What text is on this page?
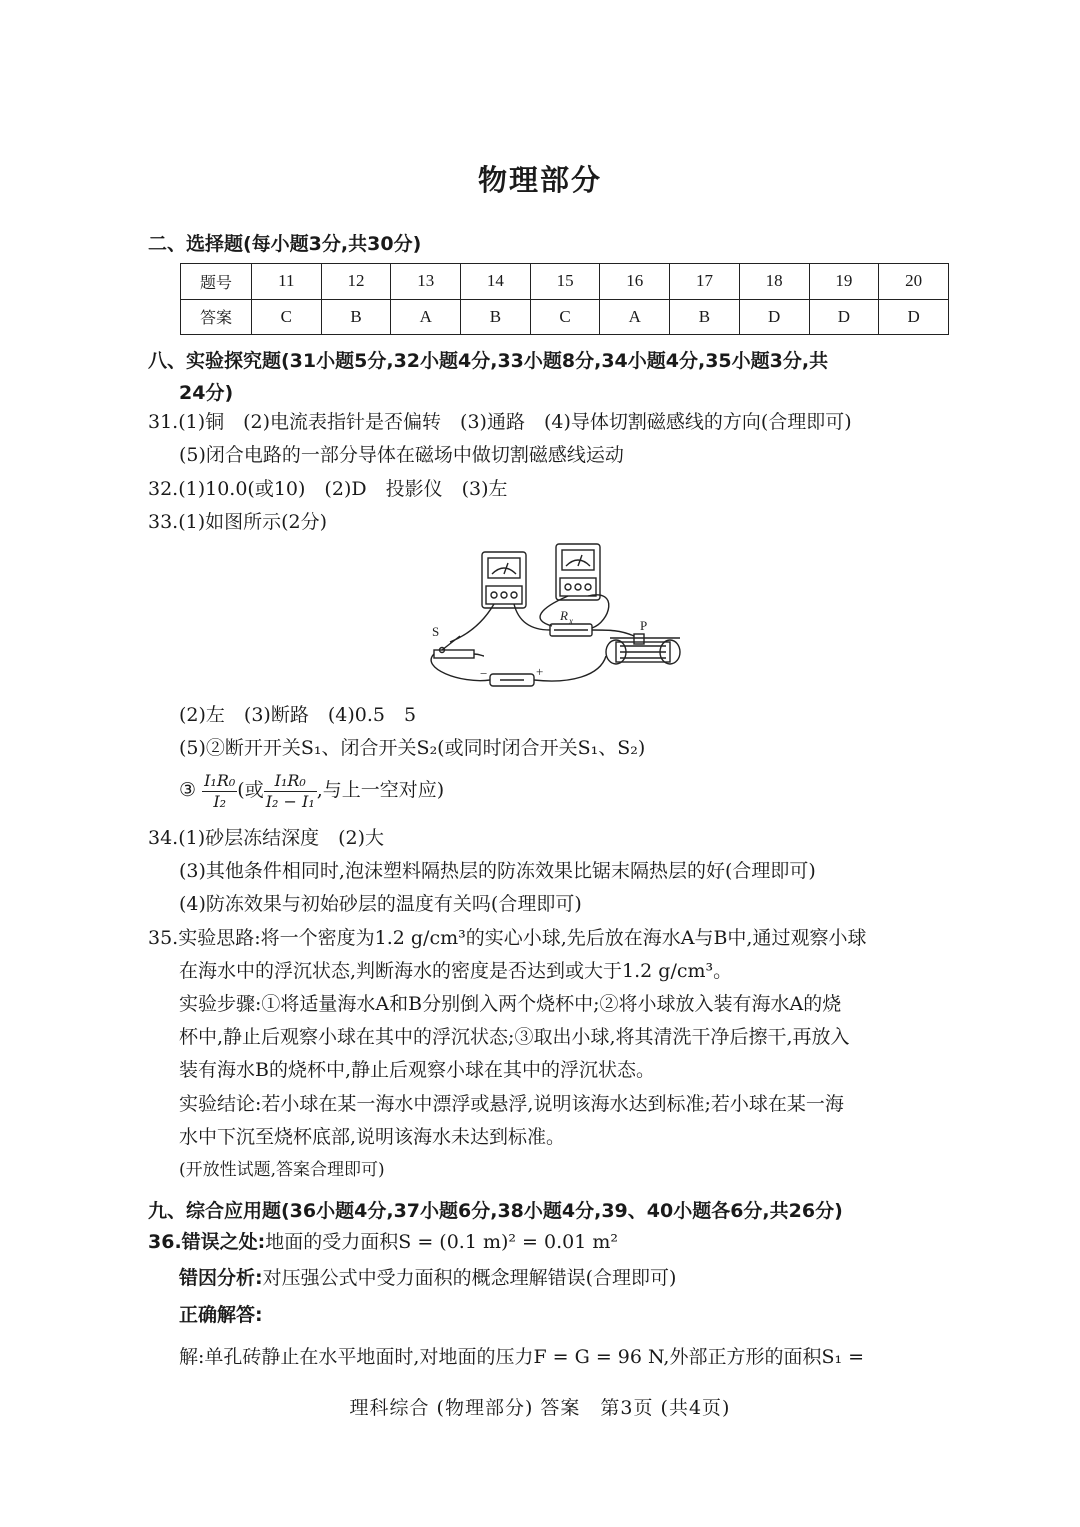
物理部分
二、选择题(每小题3分,共30分)
题号	11	12	13	14	15	16	17	18	19	20
答案	C	B	A	B	C	A	B	D	D	D
八、实验探究题(31小题5分,32小题4分,33小题8分,34小题4分,35小题3分,共
24分)
31.(1)铜　(2)电流表指针是否偏转　(3)通路　(4)导体切割磁感线的方向(合理即可)
(5)闭合电路的一部分导体在磁场中做切割磁感线运动
32.(1)10.0(或10)　(2)D　投影仪　(3)左
33.(1)如图所示(2分)
S
R x	P
−	+
(2)左　(3)断路　(4)0.5　5
(5)②断开开关S₁、闭合开关S₂(或同时闭合开关S₁、S₂)
③ $\frac{\text{I₁R₀}}{\text{I₂}}$ (或 $\frac{\text{I₁R₀}}{\text{I₂ − I₁}}$ ,与上一空对应)
34.(1)砂层冻结深度　(2)大
(3)其他条件相同时,泡沫塑料隔热层的防冻效果比锯末隔热层的好(合理即可)
(4)防冻效果与初始砂层的温度有关吗(合理即可)
35.实验思路:将一个密度为1.2 g/cm³的实心小球,先后放在海水A与B中,通过观察小球
在海水中的浮沉状态,判断海水的密度是否达到或大于1.2 g/cm³。
实验步骤:①将适量海水A和B分别倒入两个烧杯中;②将小球放入装有海水A的烧
杯中,静止后观察小球在其中的浮沉状态;③取出小球,将其清洗干净后擦干,再放入
装有海水B的烧杯中,静止后观察小球在其中的浮沉状态。
实验结论:若小球在某一海水中漂浮或悬浮,说明该海水达到标准;若小球在某一海
水中下沉至烧杯底部,说明该海水未达到标准。
(开放性试题,答案合理即可)
九、综合应用题(36小题4分,37小题6分,38小题4分,39、40小题各6分,共26分)
36.错误之处:地面的受力面积S = (0.1 m)² = 0.01 m²
错因分析:对压强公式中受力面积的概念理解错误(合理即可)
正确解答:
解:单孔砖静止在水平地面时,对地面的压力F = G = 96 N,外部正方形的面积S₁ =
理科综合 (物理部分) 答案　第3页 (共4页)
